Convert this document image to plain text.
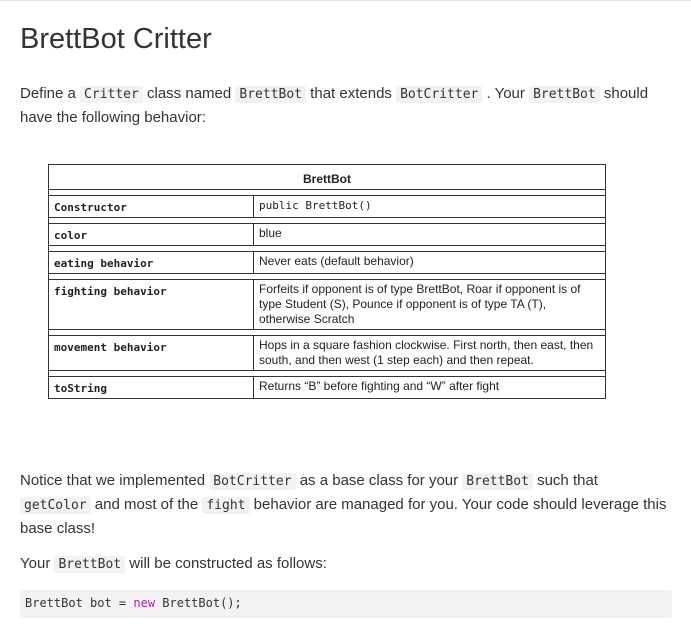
BrettBot Critter

Define a Critter class named BrettBot that extends BotCritter . Your BrettBot should have the following behavior:

Notice that we implemented BotCritter as a base class for your BrettBot such that getColor and most of the fight behavior are managed for you. Your code should leverage this base class!

Your BrettBot will be constructed as follows:

BrettBot	

Constructor	public BrettBot()

color	blue

eating behavior	Never eats (default behavior)

fighting behavior	Forfeits if opponent is of type BrettBot, Roar if opponent is of type Student (S), Pounce if opponent is of type TA (T), otherwise Scratch

movement behavior	Hops in a square fashion clockwise. First north, then east, then south, and then west (1 step each) and then repeat.

toString	Returns “B” before fighting and “W” after fight
BrettBot bot = new BrettBot();
